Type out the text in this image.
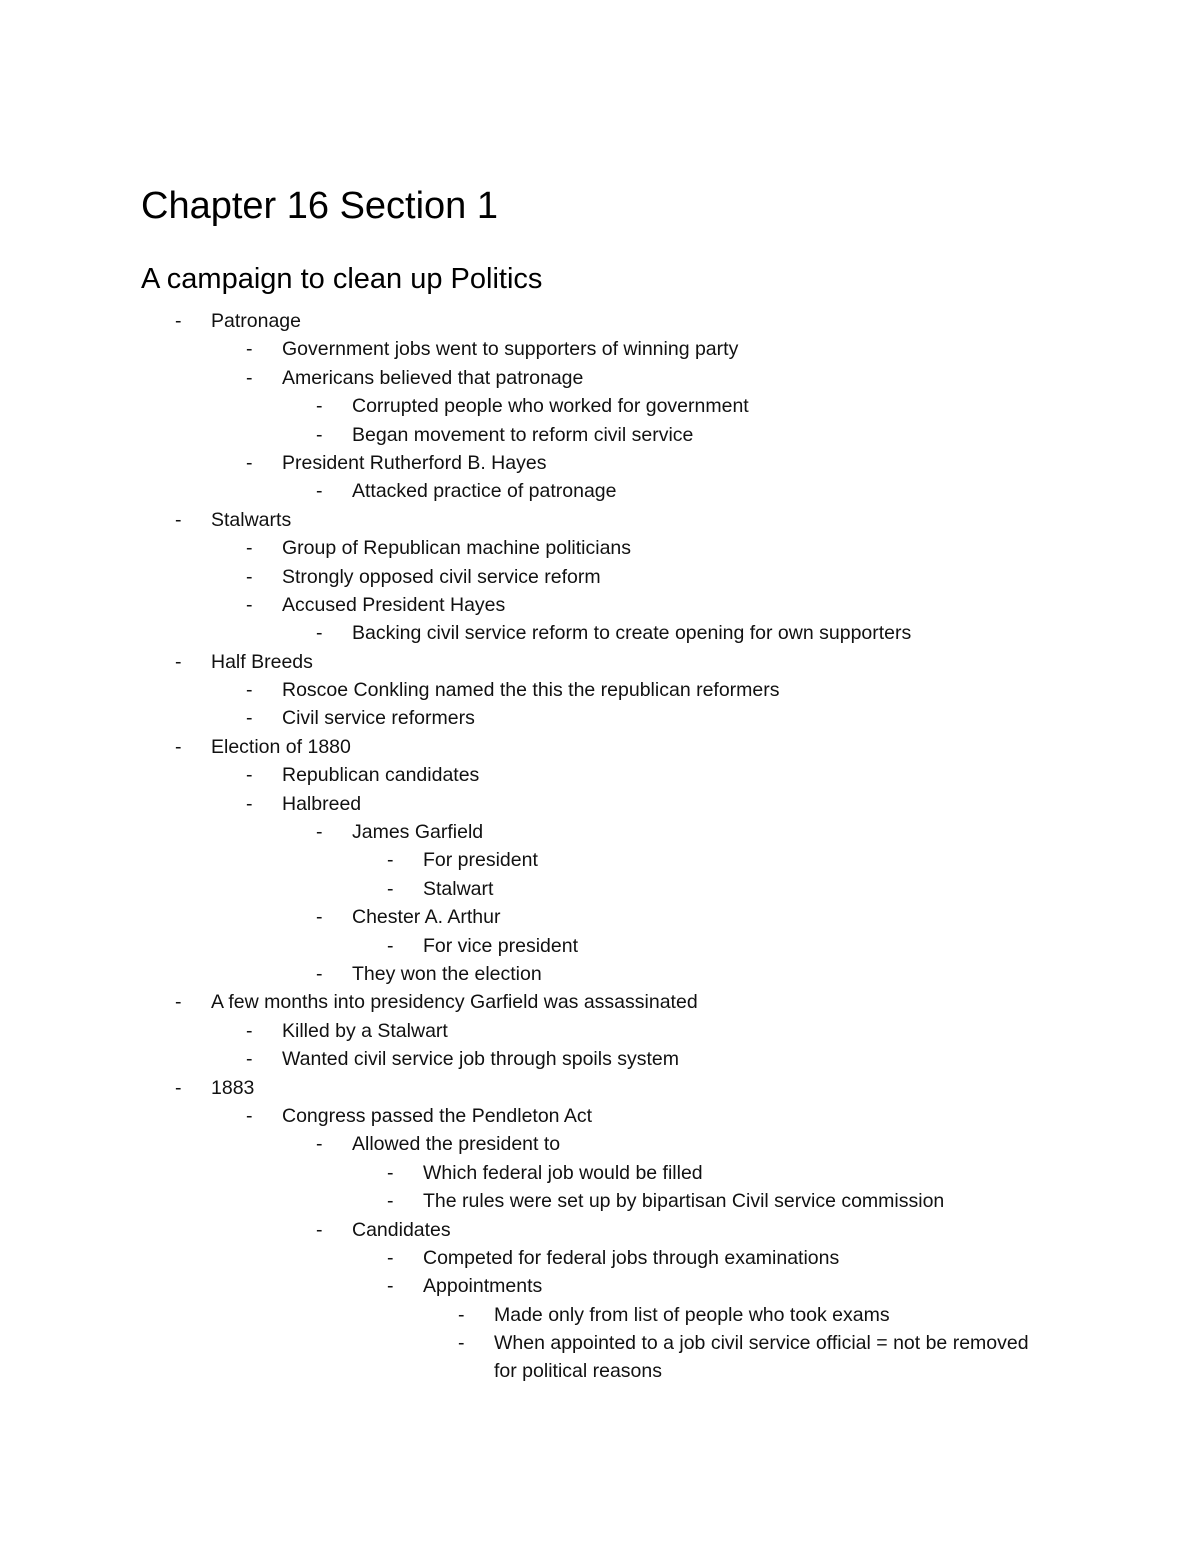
Chapter 16 Section 1
A campaign to clean up Politics
-	Patronage
-	Government jobs went to supporters of winning party
-	Americans believed that patronage
-	Corrupted people who worked for government
-	Began movement to reform civil service
-	President Rutherford B. Hayes
-	Attacked practice of patronage
-	Stalwarts
-	Group of Republican machine politicians
-	Strongly opposed civil service reform
-	Accused President Hayes
-	Backing civil service reform to create opening for own supporters
-	Half Breeds
-	Roscoe Conkling named the this the republican reformers
-	Civil service reformers
-	Election of 1880
-	Republican candidates
-	Halbreed
-	James Garfield
-	For president
-	Stalwart
-	Chester A. Arthur
-	For vice president
-	They won the election
-	A few months into presidency Garfield was assassinated
-	Killed by a Stalwart
-	Wanted civil service job through spoils system
-	1883
-	Congress passed the Pendleton Act
-	Allowed the president to
-	Which federal job would be filled
-	The rules were set up by bipartisan Civil service commission
-	Candidates
-	Competed for federal jobs through examinations
-	Appointments
-	Made only from list of people who took exams
-	When appointed to a job civil service official = not be removed for political reasons
